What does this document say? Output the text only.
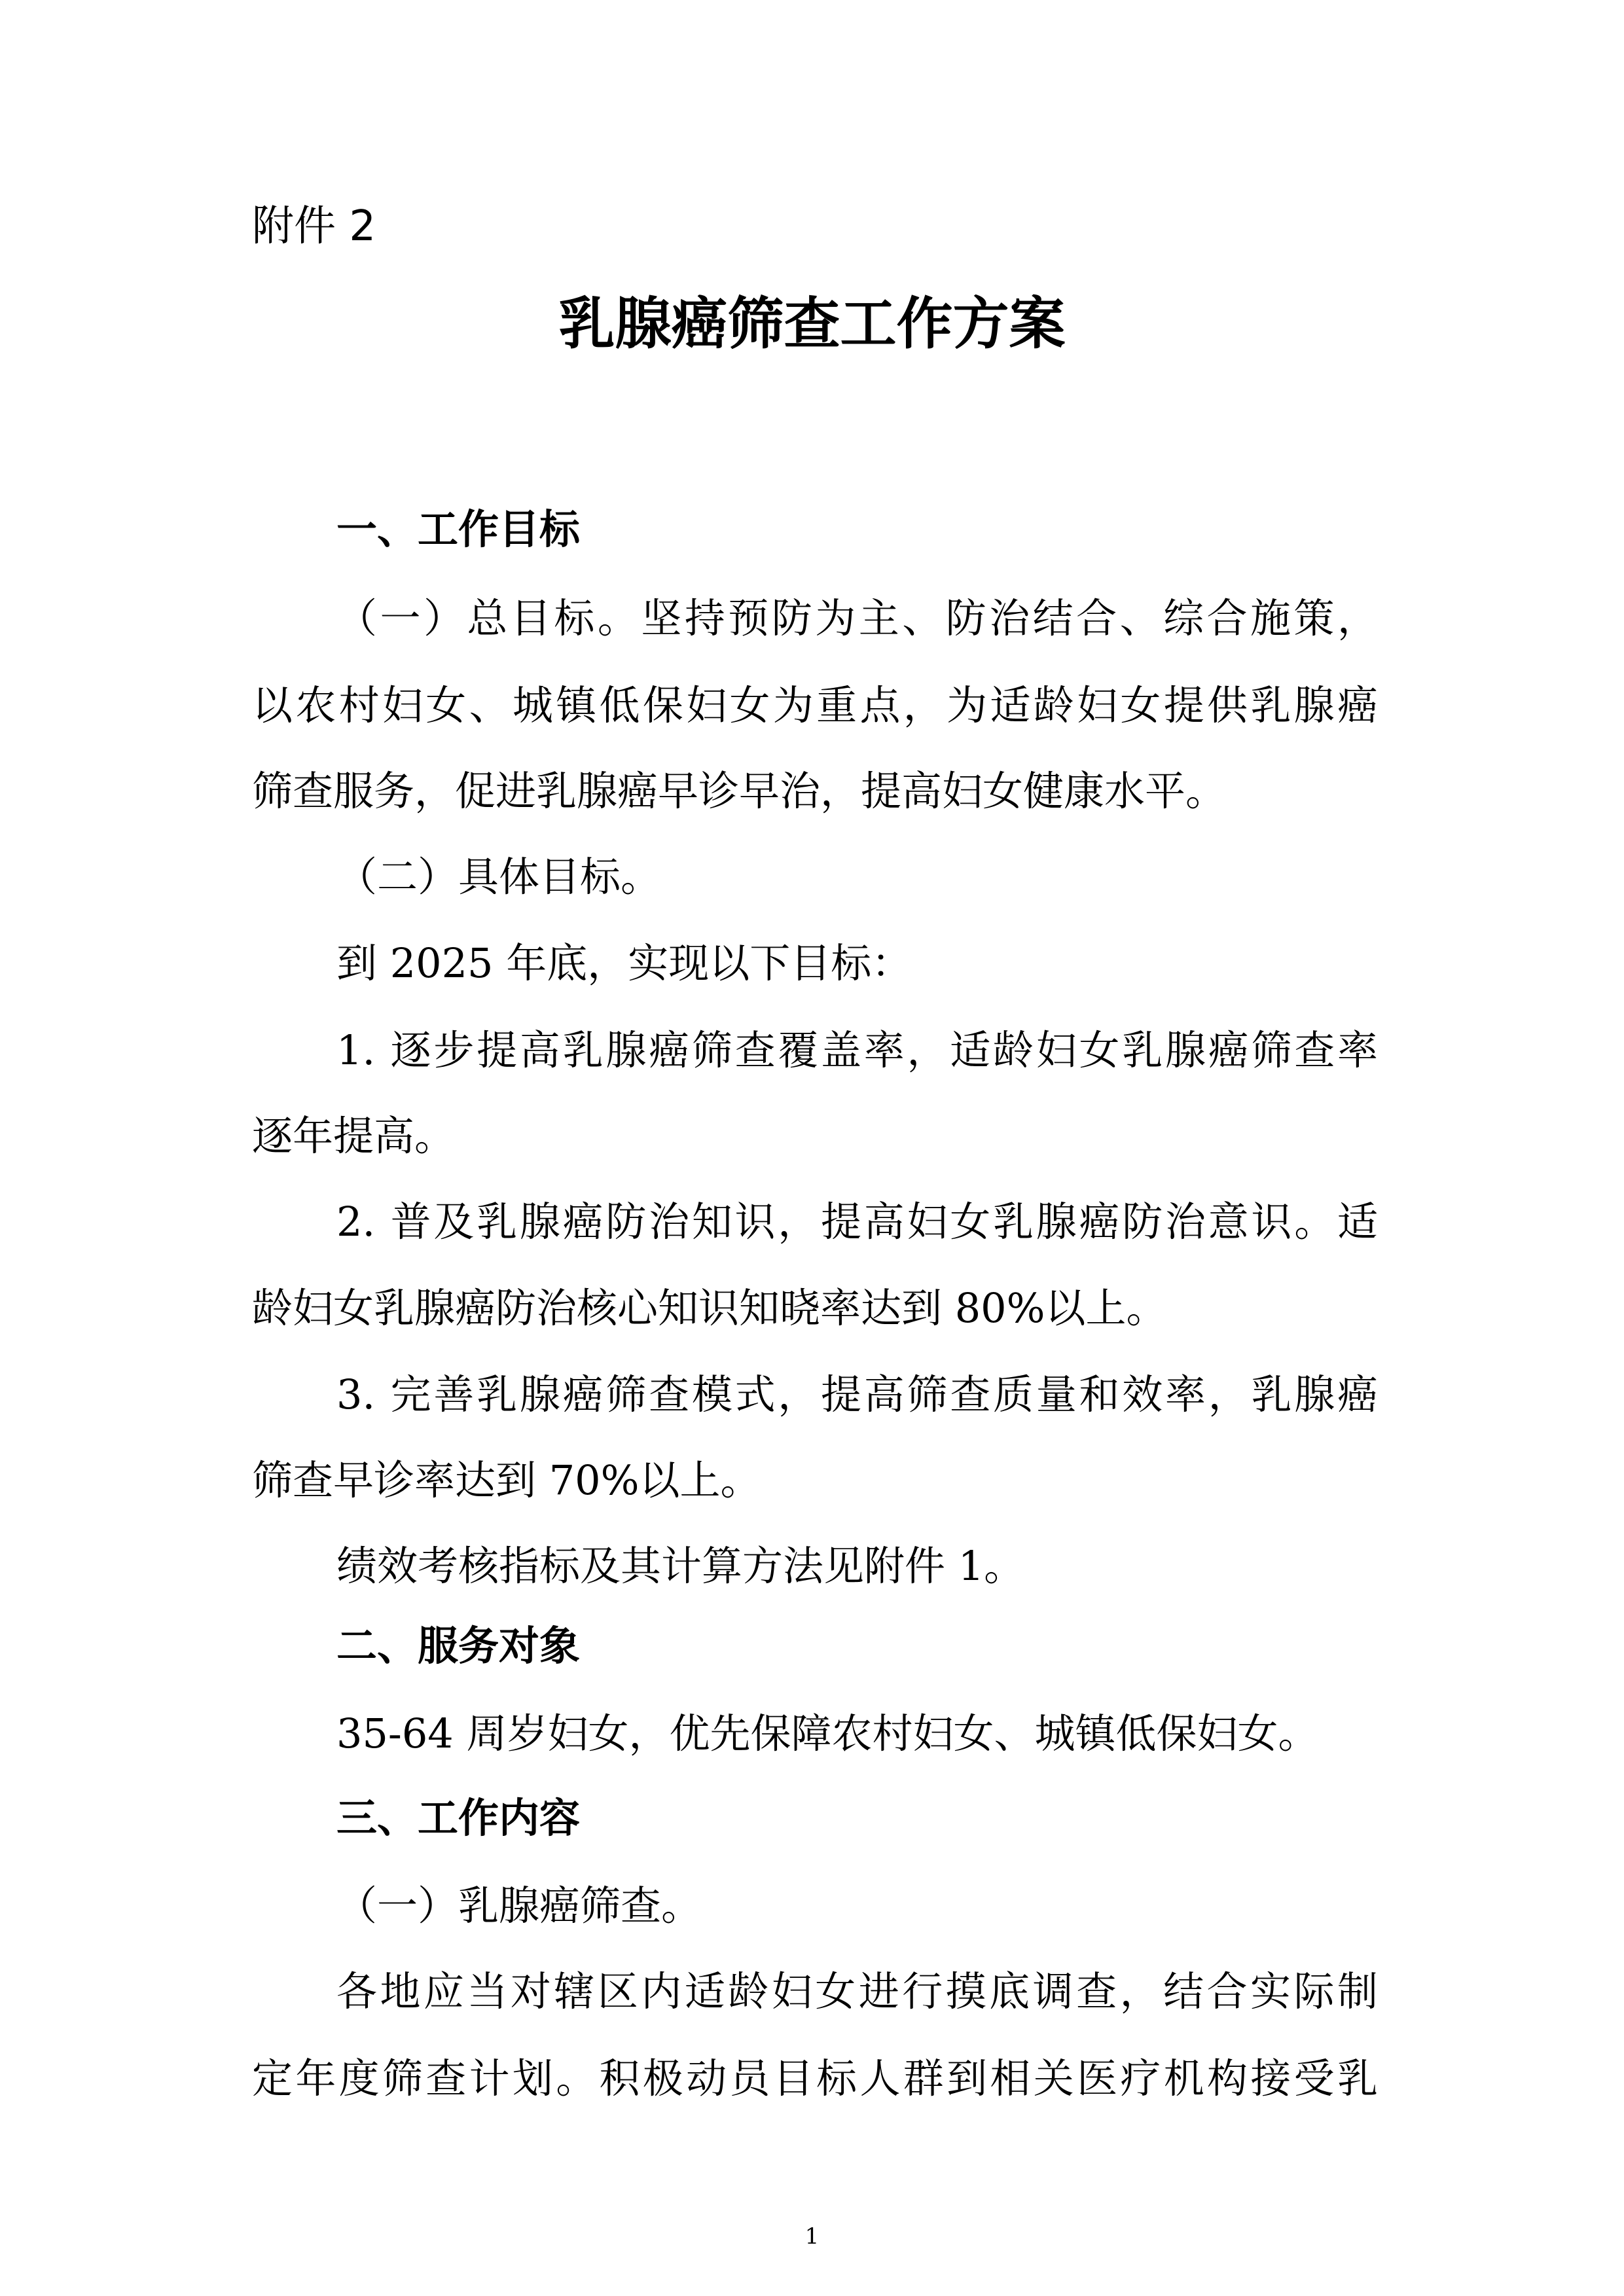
附件 2
乳腺癌筛查工作方案
一、工作目标
（一）总目标。坚持预防为主、防治结合、综合施策，
以农村妇女、城镇低保妇女为重点，为适龄妇女提供乳腺癌
筛查服务，促进乳腺癌早诊早治，提高妇女健康水平。
（二）具体目标。
到 2025 年底，实现以下目标：
1. 逐步提高乳腺癌筛查覆盖率，适龄妇女乳腺癌筛查率
逐年提高。
2. 普及乳腺癌防治知识，提高妇女乳腺癌防治意识。适
龄妇女乳腺癌防治核心知识知晓率达到 80%以上。
3. 完善乳腺癌筛查模式，提高筛查质量和效率，乳腺癌
筛查早诊率达到 70%以上。
绩效考核指标及其计算方法见附件 1。
二、服务对象
35-64 周岁妇女，优先保障农村妇女、城镇低保妇女。
三、工作内容
（一）乳腺癌筛查。
各地应当对辖区内适龄妇女进行摸底调查，结合实际制
定年度筛查计划。积极动员目标人群到相关医疗机构接受乳
1
